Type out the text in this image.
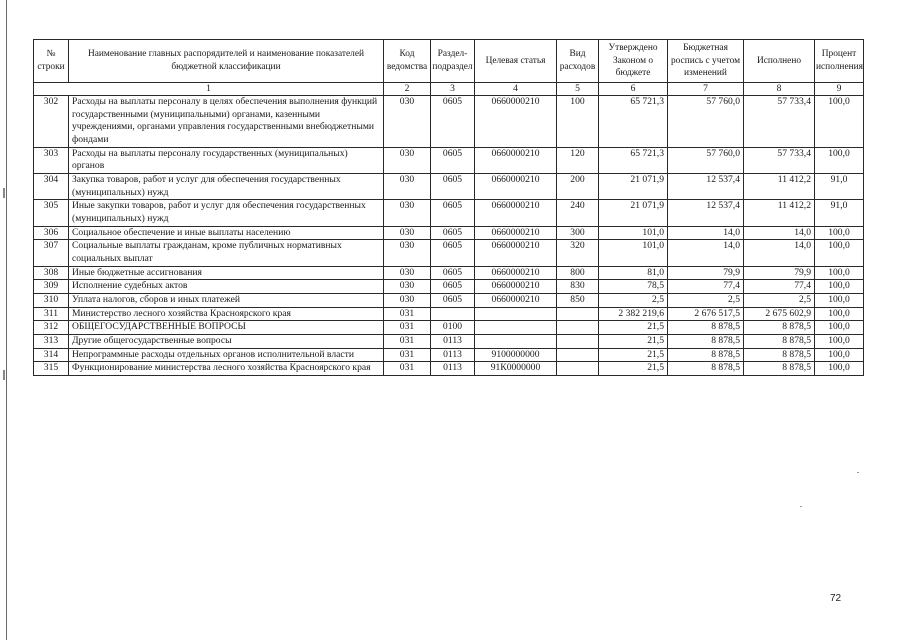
№ строки	Наименование главных распорядителей и наименование показателей бюджетной классификации	Код ведомства	Раздел-подраздел	Целевая статья	Вид расходов	Утверждено Законом о бюджете	Бюджетная роспись с учетом изменений	Исполнено	Процент исполнения
1		2	3	4	5	6	7	8	9
302	Расходы на выплаты персоналу в целях обеспечения выполнения функций государственными (муниципальными) органами, казенными учреждениями, органами управления государственными внебюджетными фондами	030	0605	0660000210	100	65 721,3	57 760,0	57 733,4	100,0
303	Расходы на выплаты персоналу государственных (муниципальных) органов	030	0605	0660000210	120	65 721,3	57 760,0	57 733,4	100,0
304	Закупка товаров, работ и услуг для обеспечения государственных (муниципальных) нужд	030	0605	0660000210	200	21 071,9	12 537,4	11 412,2	91,0
305	Иные закупки товаров, работ и услуг для обеспечения государственных (муниципальных) нужд	030	0605	0660000210	240	21 071,9	12 537,4	11 412,2	91,0
306	Социальное обеспечение и иные выплаты населению	030	0605	0660000210	300	101,0	14,0	14,0	100,0
307	Социальные выплаты гражданам, кроме публичных нормативных социальных выплат	030	0605	0660000210	320	101,0	14,0	14,0	100,0
308	Иные бюджетные ассигнования	030	0605	0660000210	800	81,0	79,9	79,9	100,0
309	Исполнение судебных актов	030	0605	0660000210	830	78,5	77,4	77,4	100,0
310	Уплата налогов, сборов и иных платежей	030	0605	0660000210	850	2,5	2,5	2,5	100,0
311	Министерство лесного хозяйства Красноярского края	031				2 382 219,6	2 676 517,5	2 675 602,9	100,0
312	ОБЩЕГОСУДАРСТВЕННЫЕ ВОПРОСЫ	031	0100			21,5	8 878,5	8 878,5	100,0
313	Другие общегосударственные вопросы	031	0113			21,5	8 878,5	8 878,5	100,0
314	Непрограммные расходы отдельных органов исполнительной власти	031	0113	9100000000		21,5	8 878,5	8 878,5	100,0
315	Функционирование министерства лесного хозяйства Красноярского края	031	0113	91К0000000		21,5	8 878,5	8 878,5	100,0
72
